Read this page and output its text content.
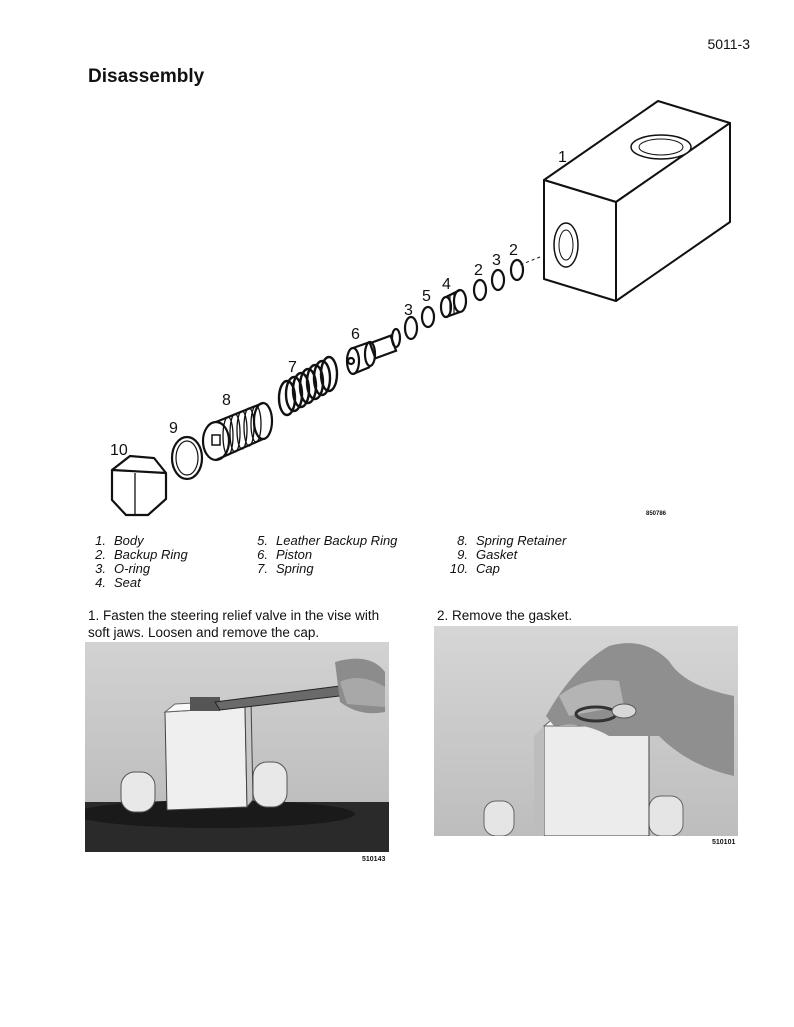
5011-3
Disassembly
1
2
3
2
4
5
3
6
7
8
9
10
850786
1. Body
2. Backup Ring
3. O-ring
4. Seat
5. Leather Backup Ring
6. Piston
7. Spring
8. Spring Retainer
9. Gasket
10. Cap
1. Fasten the steering relief valve in the vise with soft jaws. Loosen and remove the cap.
510143
2. Remove the gasket.
510101
